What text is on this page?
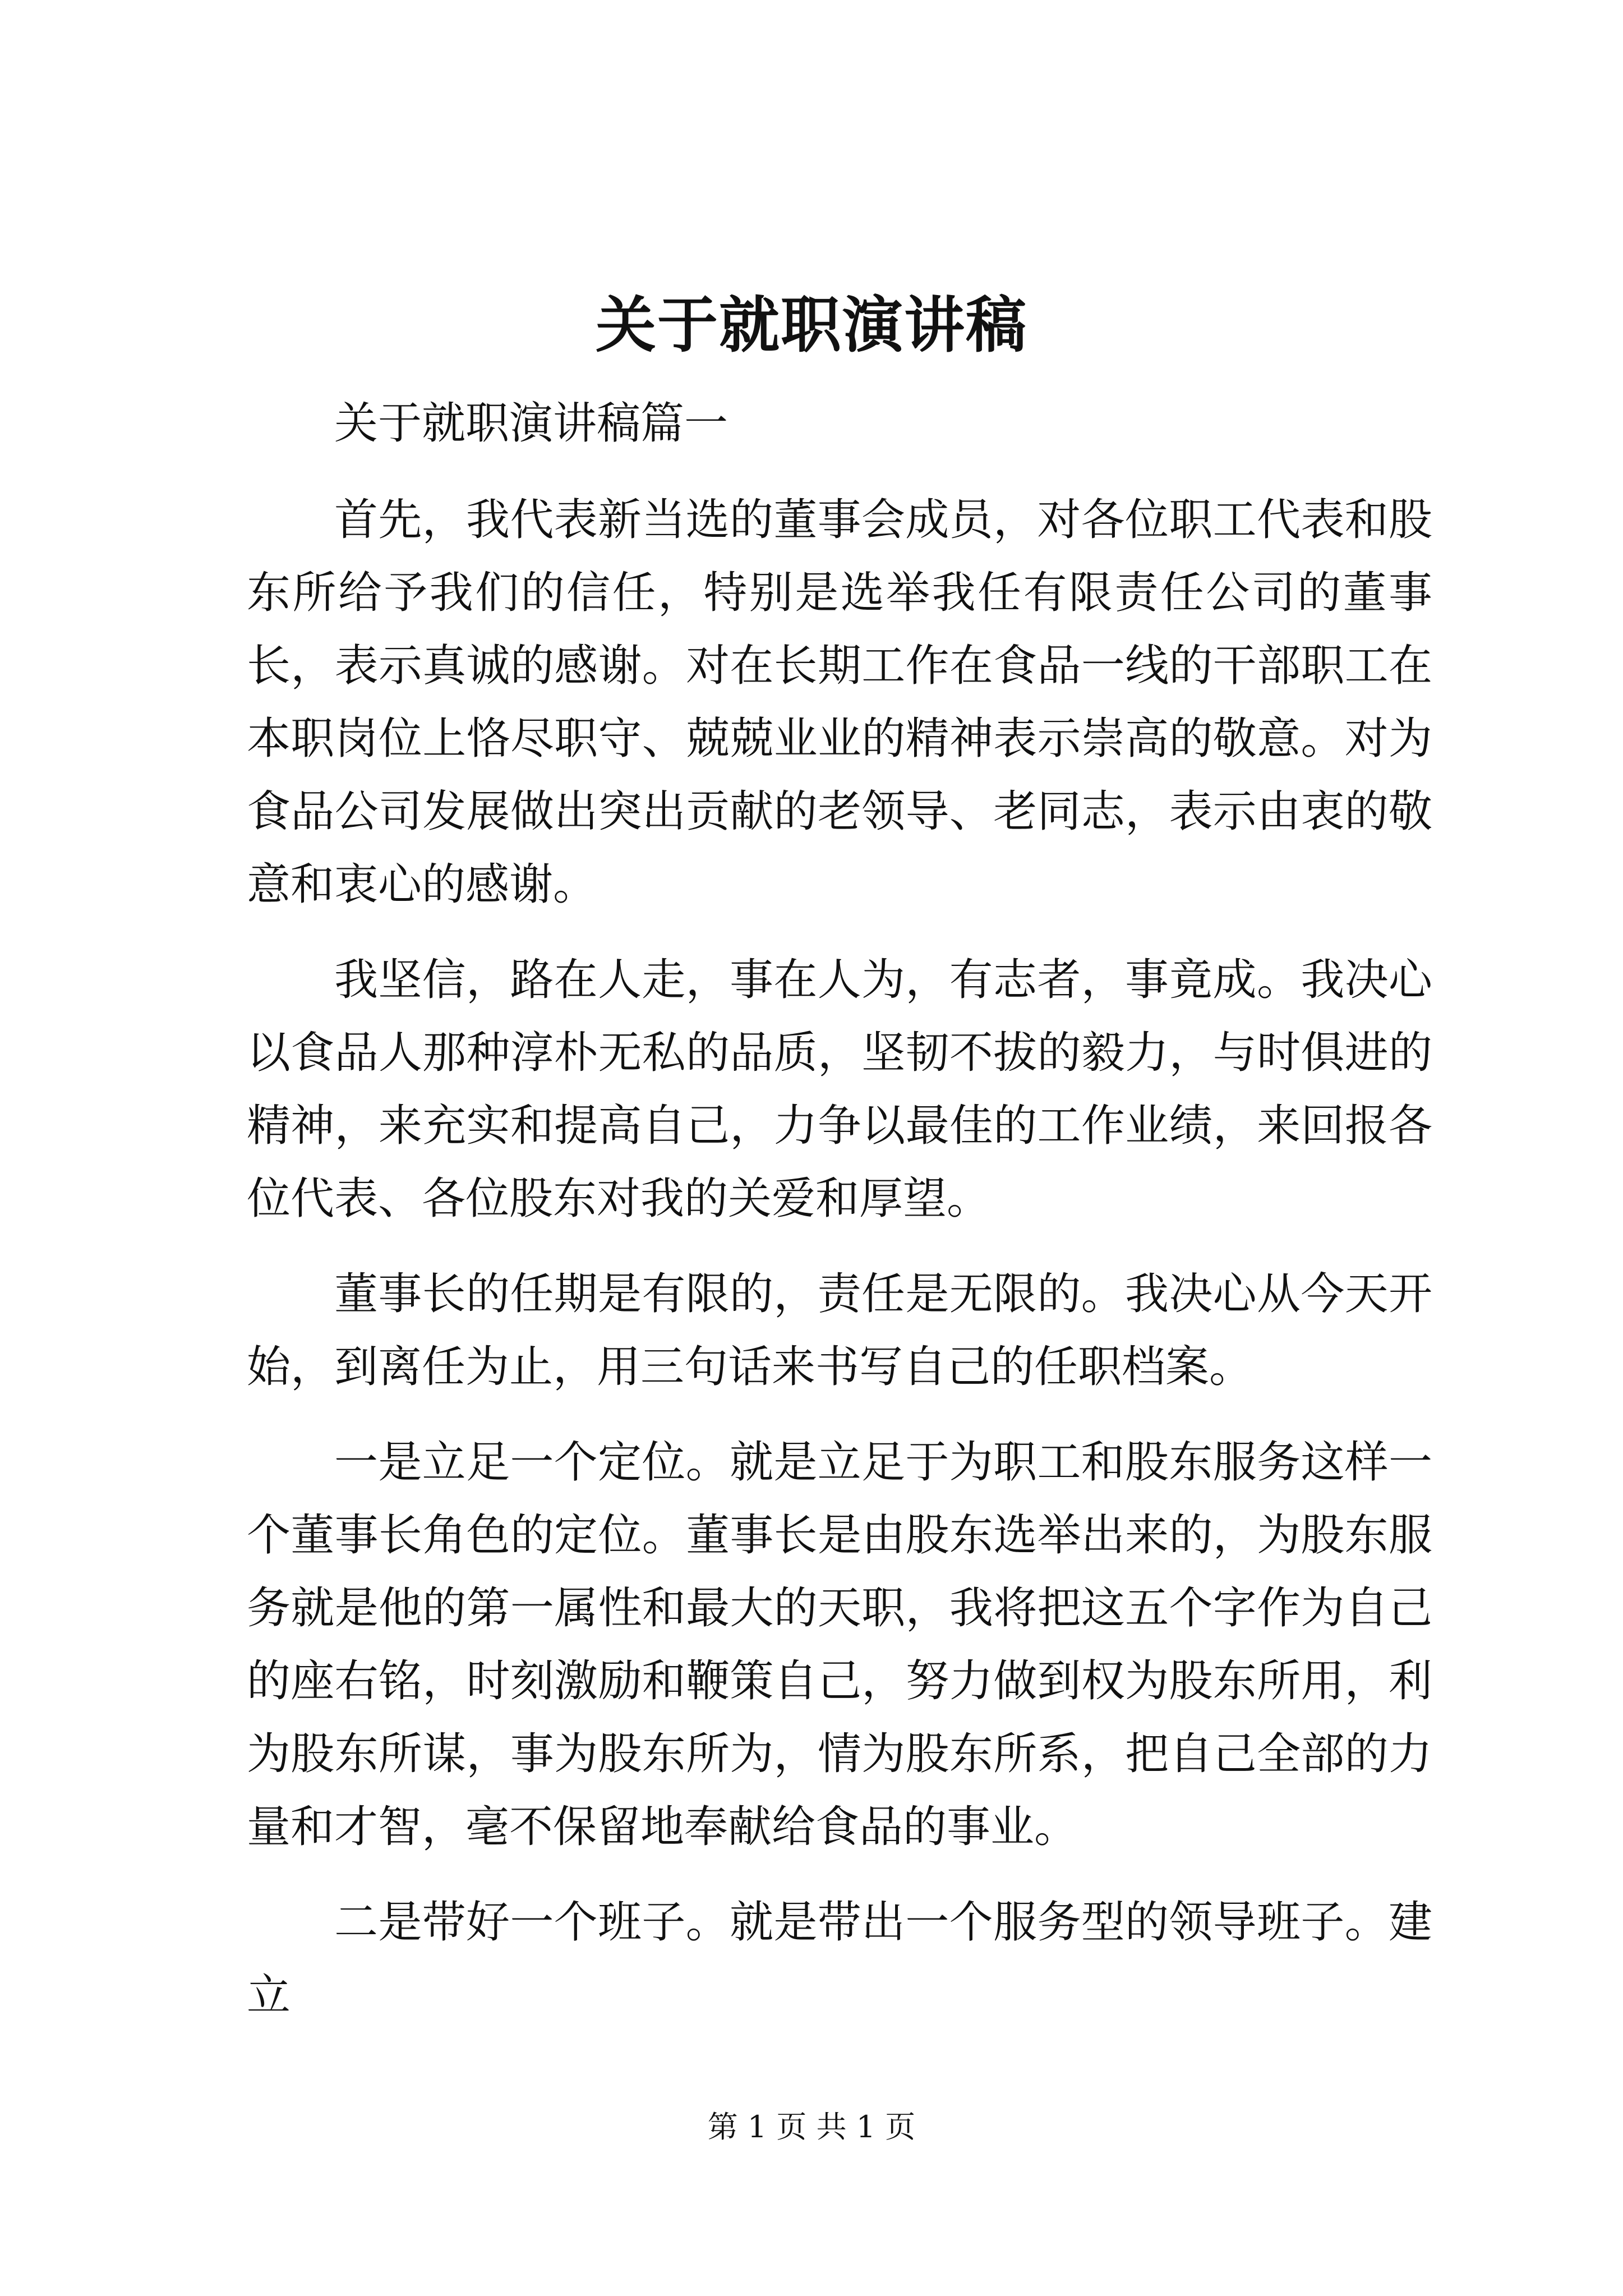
关于就职演讲稿

关于就职演讲稿篇一

首先，我代表新当选的董事会成员，对各位职工代表和股东所给予我们的信任，特别是选举我任有限责任公司的董事长，表示真诚的感谢。对在长期工作在食品一线的干部职工在本职岗位上恪尽职守、兢兢业业的精神表示崇高的敬意。对为食品公司发展做出突出贡献的老领导、老同志，表示由衷的敬意和衷心的感谢。

我坚信，路在人走，事在人为，有志者，事竟成。我决心以食品人那种淳朴无私的品质，坚韧不拔的毅力，与时俱进的精神，来充实和提高自己，力争以最佳的工作业绩，来回报各位代表、各位股东对我的关爱和厚望。

董事长的任期是有限的，责任是无限的。我决心从今天开始，到离任为止，用三句话来书写自己的任职档案。

一是立足一个定位。就是立足于为职工和股东服务这样一个董事长角色的定位。董事长是由股东选举出来的，为股东服务就是他的第一属性和最大的天职，我将把这五个字作为自己的座右铭，时刻激励和鞭策自己，努力做到权为股东所用，利为股东所谋，事为股东所为，情为股东所系，把自己全部的力量和才智，毫不保留地奉献给食品的事业。

二是带好一个班子。就是带出一个服务型的领导班子。建立

第 1 页 共 1 页
